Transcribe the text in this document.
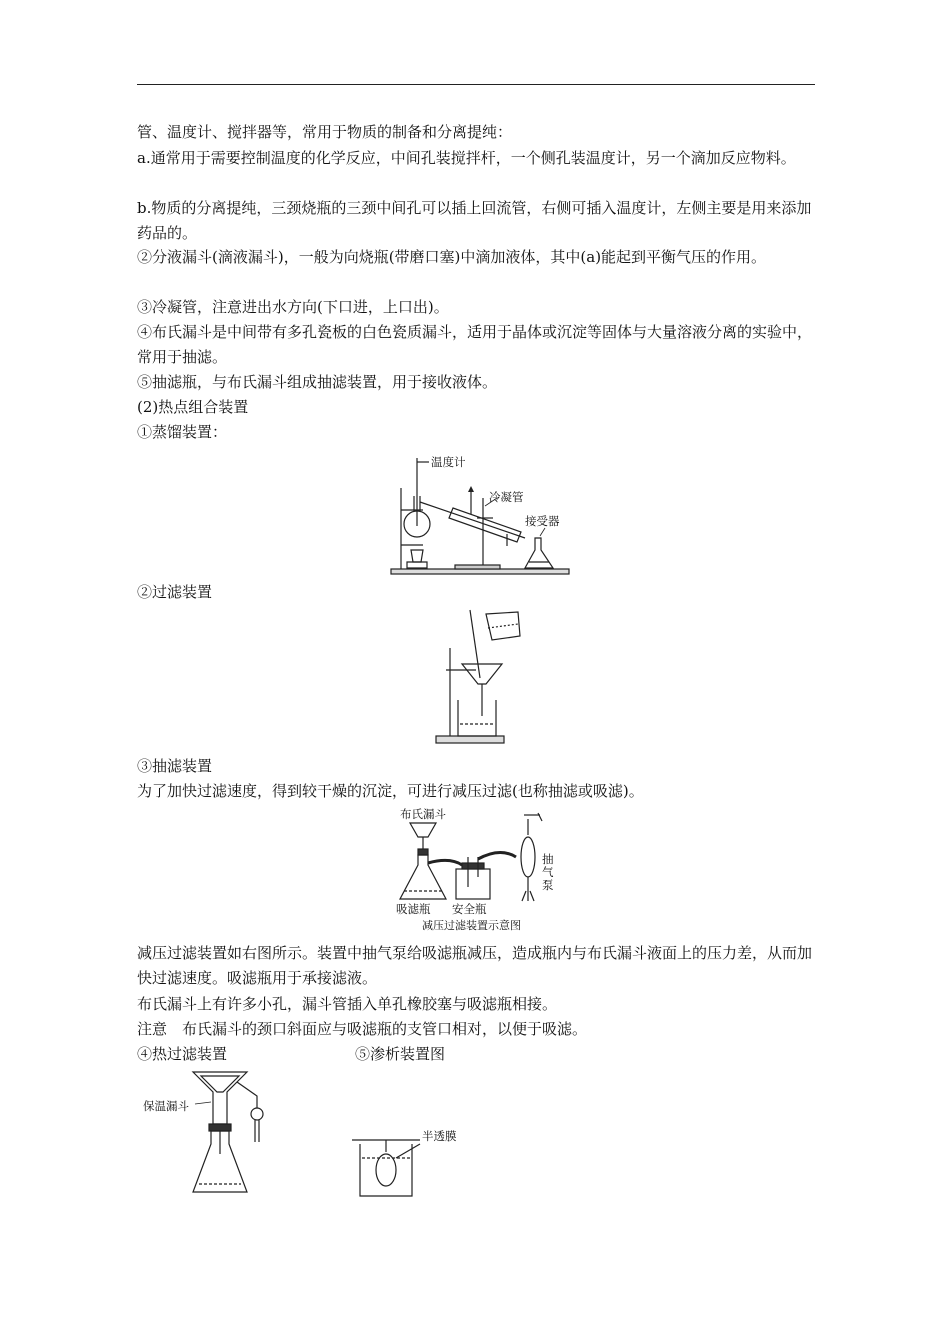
管、温度计、搅拌器等，常用于物质的制备和分离提纯：

a.通常用于需要控制温度的化学反应，中间孔装搅拌杆，一个侧孔装温度计，另一个滴加反应物料。

b.物质的分离提纯，三颈烧瓶的三颈中间孔可以插上回流管，右侧可插入温度计，左侧主要是用来添加药品的。

②分液漏斗(滴液漏斗)，一般为向烧瓶(带磨口塞)中滴加液体，其中(a)能起到平衡气压的作用。

③冷凝管，注意进出水方向(下口进，上口出)。

④布氏漏斗是中间带有多孔瓷板的白色瓷质漏斗，适用于晶体或沉淀等固体与大量溶液分离的实验中，常用于抽滤。

⑤抽滤瓶，与布氏漏斗组成抽滤装置，用于接收液体。

(2)热点组合装置

①蒸馏装置：

温度计
冷凝管
接受器

②过滤装置

③抽滤装置

为了加快过滤速度，得到较干燥的沉淀，可进行减压过滤(也称抽滤或吸滤)。

布氏漏斗
吸滤瓶 安全瓶
抽气泵
减压过滤装置示意图

减压过滤装置如右图所示。装置中抽气泵给吸滤瓶减压，造成瓶内与布氏漏斗液面上的压力差，从而加快过滤速度。吸滤瓶用于承接滤液。

布氏漏斗上有许多小孔，漏斗管插入单孔橡胶塞与吸滤瓶相接。

注意　布氏漏斗的颈口斜面应与吸滤瓶的支管口相对，以便于吸滤。

④热过滤装置	⑤渗析装置图

保温漏斗
半透膜
